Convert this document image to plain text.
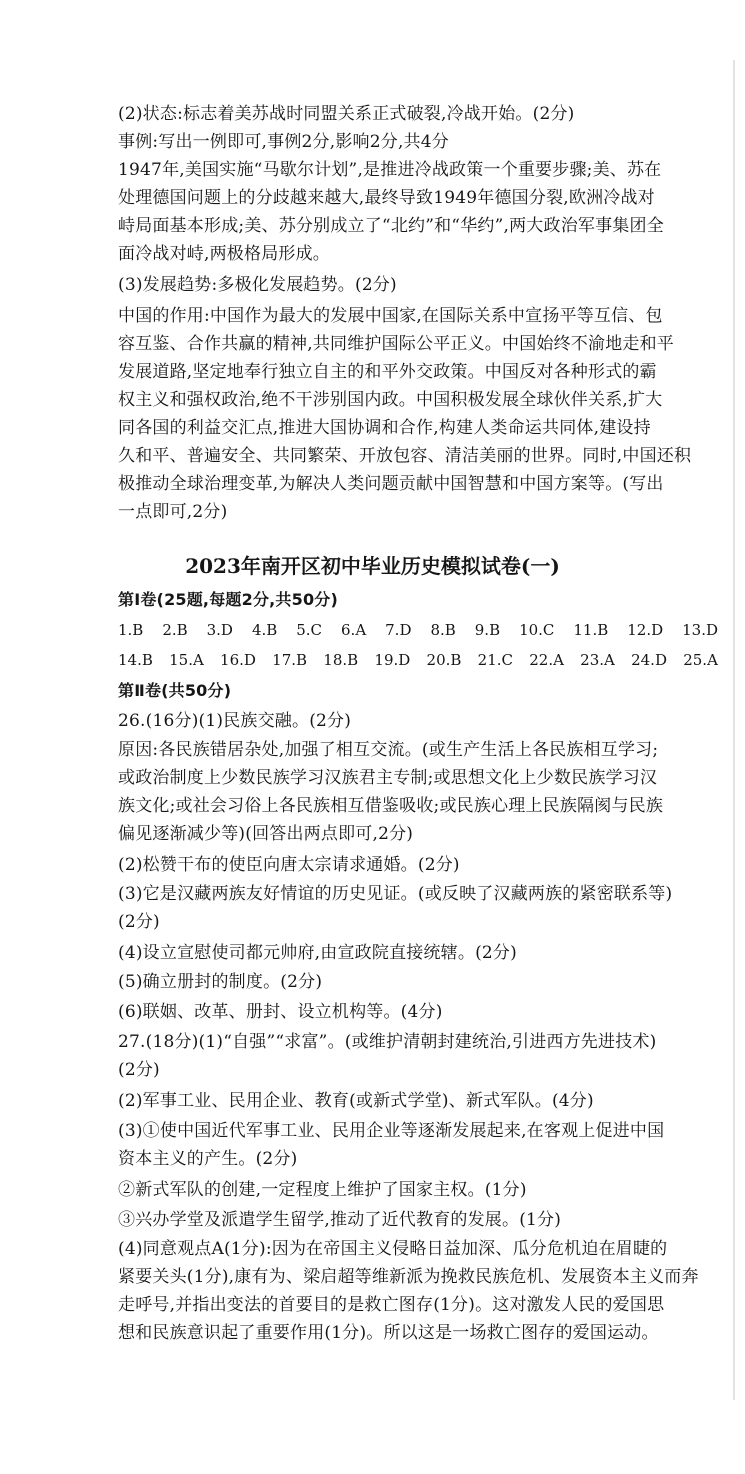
(2)状态:标志着美苏战时同盟关系正式破裂,冷战开始。(2分)
事例:写出一例即可,事例2分,影响2分,共4分
1947年,美国实施“马歇尔计划”,是推进冷战政策一个重要步骤;美、苏在
处理德国问题上的分歧越来越大,最终导致1949年德国分裂,欧洲冷战对
峙局面基本形成;美、苏分别成立了“北约”和“华约”,两大政治军事集团全
面冷战对峙,两极格局形成。
(3)发展趋势:多极化发展趋势。(2分)
中国的作用:中国作为最大的发展中国家,在国际关系中宣扬平等互信、包
容互鉴、合作共赢的精神,共同维护国际公平正义。中国始终不渝地走和平
发展道路,坚定地奉行独立自主的和平外交政策。中国反对各种形式的霸
权主义和强权政治,绝不干涉别国内政。中国积极发展全球伙伴关系,扩大
同各国的利益交汇点,推进大国协调和合作,构建人类命运共同体,建设持
久和平、普遍安全、共同繁荣、开放包容、清洁美丽的世界。同时,中国还积
极推动全球治理变革,为解决人类问题贡献中国智慧和中国方案等。(写出
一点即可,2分)
2023年南开区初中毕业历史模拟试卷(一)
第Ⅰ卷(25题,每题2分,共50分)
1.B 2.B 3.D 4.B 5.C 6.A 7.D 8.B 9.B 10.C 11.B 12.D 13.D
14.B 15.A 16.D 17.B 18.B 19.D 20.B 21.C 22.A 23.A 24.D 25.A
第Ⅱ卷(共50分)
26.(16分)(1)民族交融。(2分)
原因:各民族错居杂处,加强了相互交流。(或生产生活上各民族相互学习;
或政治制度上少数民族学习汉族君主专制;或思想文化上少数民族学习汉
族文化;或社会习俗上各民族相互借鉴吸收;或民族心理上民族隔阂与民族
偏见逐渐减少等)(回答出两点即可,2分)
(2)松赞干布的使臣向唐太宗请求通婚。(2分)
(3)它是汉藏两族友好情谊的历史见证。(或反映了汉藏两族的紧密联系等)
(2分)
(4)设立宣慰使司都元帅府,由宣政院直接统辖。(2分)
(5)确立册封的制度。(2分)
(6)联姻、改革、册封、设立机构等。(4分)
27.(18分)(1)“自强”“求富”。(或维护清朝封建统治,引进西方先进技术)
(2分)
(2)军事工业、民用企业、教育(或新式学堂)、新式军队。(4分)
(3)①使中国近代军事工业、民用企业等逐渐发展起来,在客观上促进中国
资本主义的产生。(2分)
②新式军队的创建,一定程度上维护了国家主权。(1分)
③兴办学堂及派遣学生留学,推动了近代教育的发展。(1分)
(4)同意观点A(1分):因为在帝国主义侵略日益加深、瓜分危机迫在眉睫的
紧要关头(1分),康有为、梁启超等维新派为挽救民族危机、发展资本主义而奔
走呼号,并指出变法的首要目的是救亡图存(1分)。这对激发人民的爱国思
想和民族意识起了重要作用(1分)。所以这是一场救亡图存的爱国运动。
